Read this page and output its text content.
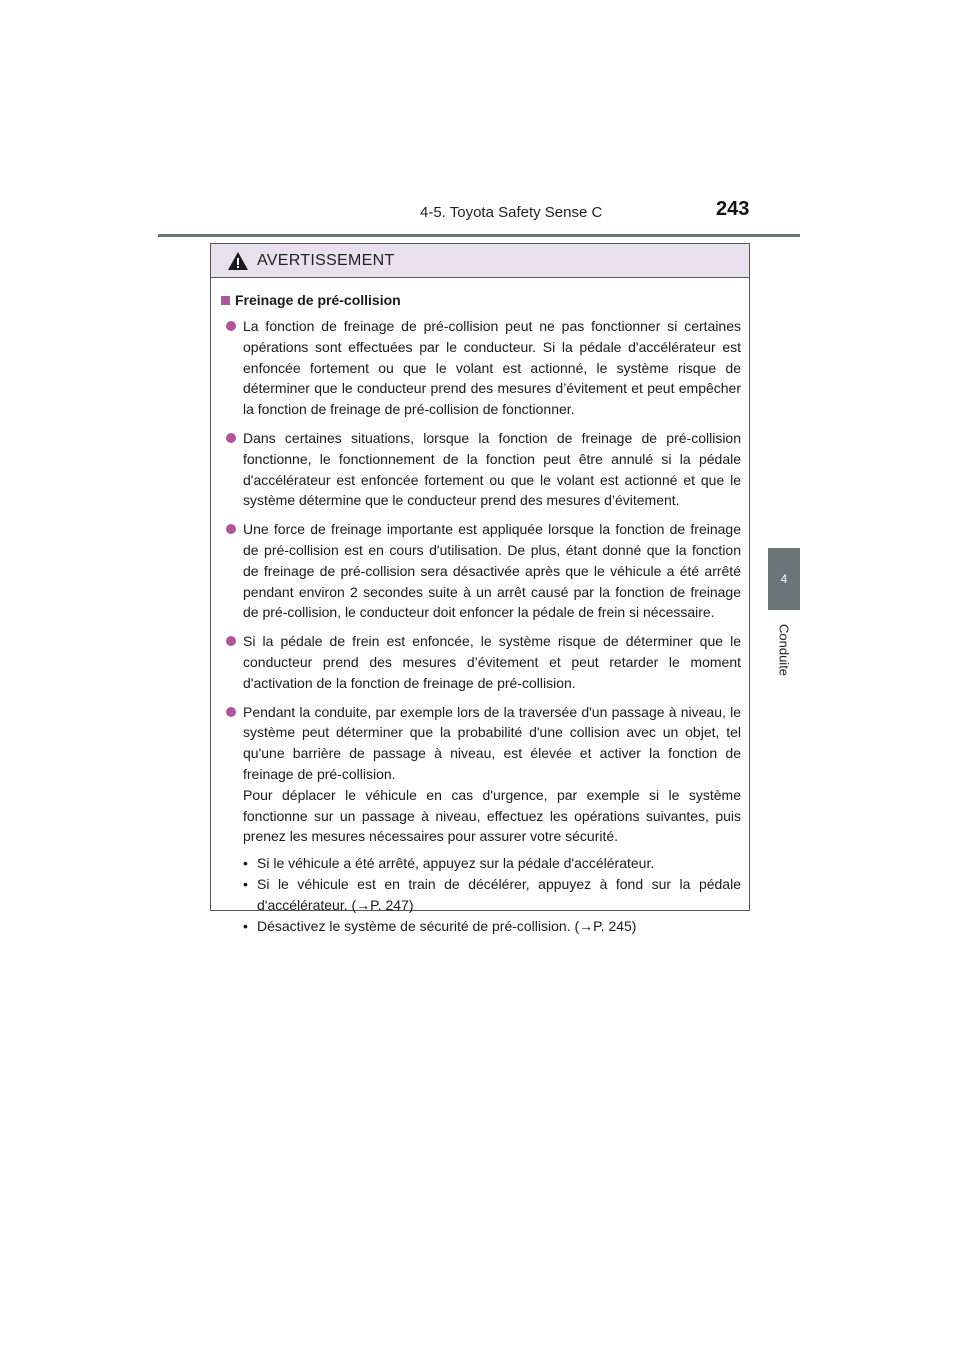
4-5. Toyota Safety Sense C	243
4
Conduite
AVERTISSEMENT
Freinage de pré-collision
La fonction de freinage de pré-collision peut ne pas fonctionner si certaines opérations sont effectuées par le conducteur. Si la pédale d'accélérateur est enfoncée fortement ou que le volant est actionné, le système risque de déterminer que le conducteur prend des mesures d’évitement et peut empêcher la fonction de freinage de pré-collision de fonctionner.
Dans certaines situations, lorsque la fonction de freinage de pré-collision fonctionne, le fonctionnement de la fonction peut être annulé si la pédale d'accélérateur est enfoncée fortement ou que le volant est actionné et que le système détermine que le conducteur prend des mesures d’évitement.
Une force de freinage importante est appliquée lorsque la fonction de freinage de pré-collision est en cours d'utilisation. De plus, étant donné que la fonction de freinage de pré-collision sera désactivée après que le véhicule a été arrêté pendant environ 2 secondes suite à un arrêt causé par la fonction de freinage de pré-collision, le conducteur doit enfoncer la pédale de frein si nécessaire.
Si la pédale de frein est enfoncée, le système risque de déterminer que le conducteur prend des mesures d’évitement et peut retarder le moment d'activation de la fonction de freinage de pré-collision.
Pendant la conduite, par exemple lors de la traversée d'un passage à niveau, le système peut déterminer que la probabilité d'une collision avec un objet, tel qu'une barrière de passage à niveau, est élevée et activer la fonction de freinage de pré-collision.
Pour déplacer le véhicule en cas d'urgence, par exemple si le système fonctionne sur un passage à niveau, effectuez les opérations suivantes, puis prenez les mesures nécessaires pour assurer votre sécurité.
• Si le véhicule a été arrêté, appuyez sur la pédale d'accélérateur.
• Si le véhicule est en train de décélérer, appuyez à fond sur la pédale d'accélérateur. (→P. 247)
• Désactivez le système de sécurité de pré-collision. (→P. 245)
